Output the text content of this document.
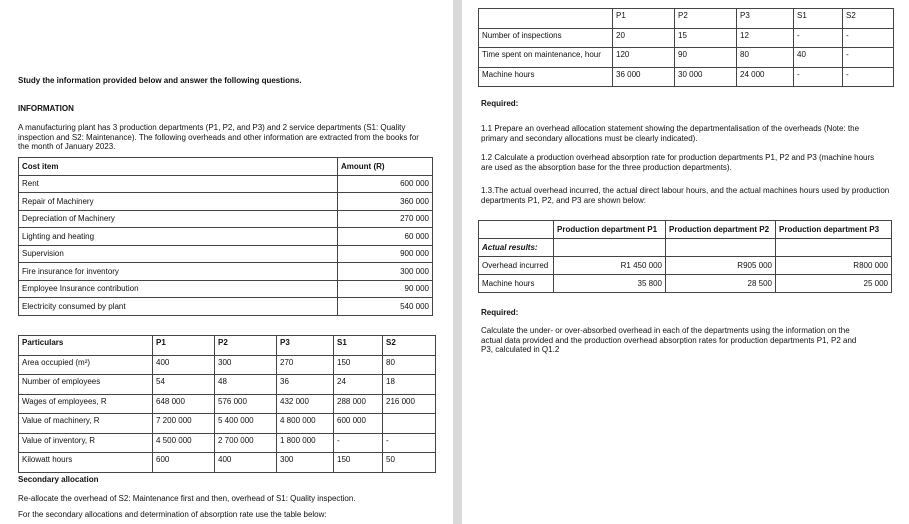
Study the information provided below and answer the following questions.
INFORMATION
A manufacturing plant has 3 production departments (P1, P2, and P3) and 2 service departments (S1: Quality inspection and S2: Maintenance). The following overheads and other information are extracted from the books for the month of January 2023.
Cost item	Amount (R)
Rent	600 000
Repair of Machinery	360 000
Depreciation of Machinery	270 000
Lighting and heating	60 000
Supervision	900 000
Fire insurance for inventory	300 000
Employee Insurance contribution	90 000
Electricity consumed by plant	540 000
Particulars	P1	P2	P3	S1	S2
Area occupied (m²)	400	300	270	150	80
Number of employees	54	48	36	24	18
Wages of employees, R	648 000	576 000	432 000	288 000	216 000
Value of machinery, R	7 200 000	5 400 000	4 800 000	600 000	
Value of inventory, R	4 500 000	2 700 000	1 800 000	-	-
Kilowatt hours	600	400	300	150	50
Secondary allocation
Re-allocate the overhead of S2: Maintenance first and then, overhead of S1: Quality inspection.
For the secondary allocations and determination of absorption rate use the table below:
	P1	P2	P3	S1	S2
Number of inspections	20	15	12	-	-
Time spent on maintenance, hour	120	90	80	40	-
Machine hours	36 000	30 000	24 000	-	-
Required:
1.1 Prepare an overhead allocation statement showing the departmentalisation of the overheads (Note: the primary and secondary allocations must be clearly indicated).
1.2 Calculate a production overhead absorption rate for production departments P1, P2 and P3 (machine hours are used as the absorption base for the three production departments).
1.3.The actual overhead incurred, the actual direct labour hours, and the actual machines hours used by production departments P1, P2, and P3 are shown below:
	Production department P1	Production department P2	Production department P3
Actual results:			
Overhead incurred	R1 450 000	R905 000	R800 000
Machine hours	35 800	28 500	25 000
Required:
Calculate the under- or over-absorbed overhead in each of the departments using the information on the actual data provided and the production overhead absorption rates for production departments P1, P2 and P3, calculated in Q1.2
